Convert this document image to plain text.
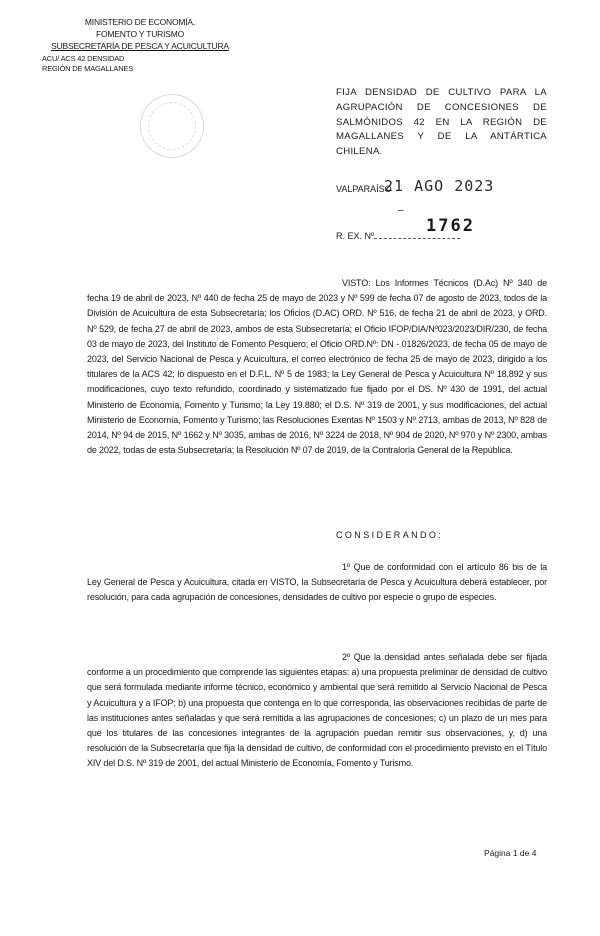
MINISTERIO DE ECONOMÍA,
FOMENTO Y TURISMO
SUBSECRETARÍA DE PESCA Y ACUICULTURA
ACU/ ACS 42 DENSIDAD
REGIÓN DE MAGALLANES
FIJA DENSIDAD DE CULTIVO PARA LA
AGRUPACIÓN DE CONCESIONES DE
SALMÓNIDOS 42 EN LA REGIÓN DE
MAGALLANES Y DE LA ANTÁRTICA CHILENA.
VALPARAÍSO
21 AGO 2023
–
R. EX. Nº	1762
VISTO: Los Informes Técnicos (D.Ac) Nº 340 de fecha 19 de abril de 2023, Nº 440 de fecha 25 de mayo de 2023 y Nº 599 de fecha 07 de agosto de 2023, todos de la División de Acuicultura de esta Subsecretaría; los Oficios (D.AC) ORD. Nº 516, de fecha 21 de abril de 2023, y ORD. Nº 529, de fecha 27 de abril de 2023, ambos de esta Subsecretaría; el Oficio IFOP/DIA/Nº023/2023/DIR/230, de fecha 03 de mayo de 2023, del Instituto de Fomento Pesquero; el Oficio ORD.Nº: DN - 01826/2023, de fecha 05 de mayo de 2023, del Servicio Nacional de Pesca y Acuicultura, el correo electrónico de fecha 25 de mayo de 2023, dirigido a los titulares de la ACS 42; lo dispuesto en el D.F.L. Nº 5 de 1983; la Ley General de Pesca y Acuicultura Nº 18.892 y sus modificaciones, cuyo texto refundido, coordinado y sistematizado fue fijado por el DS. Nº 430 de 1991, del actual Ministerio de Economía, Fomento y Turismo; la Ley 19.880; el D.S. Nº 319 de 2001, y sus modificaciones, del actual Ministerio de Economía, Fomento y Turismo; las Resoluciones Exentas Nº 1503 y Nº 2713, ambas de 2013, Nº 828 de 2014, Nº 94 de 2015, Nº 1662 y Nº 3035, ambas de 2016, Nº 3224 de 2018, Nº 904 de 2020, Nº 970 y Nº 2300, ambas de 2022, todas de esta Subsecretaría; la Resolución Nº 07 de 2019, de la Contraloría General de la República.
CONSIDERANDO:
1º Que de conformidad con el artículo 86 bis de la Ley General de Pesca y Acuicultura, citada en VISTO, la Subsecretaría de Pesca y Acuicultura deberá establecer, por resolución, para cada agrupación de concesiones, densidades de cultivo por especie o grupo de especies.
2º Que la densidad antes señalada debe ser fijada conforme a un procedimiento que comprende las siguientes etapas: a) una propuesta preliminar de densidad de cultivo que será formulada mediante informe técnico, económico y ambiental que será remitido al Servicio Nacional de Pesca y Acuicultura y a IFOP; b) una propuesta que contenga en lo que corresponda, las observaciones recibidas de parte de las instituciones antes señaladas y que será remitida a las agrupaciones de concesiones; c) un plazo de un mes para que los titulares de las concesiones integrantes de la agrupación puedan remitir sus observaciones, y, d) una resolución de la Subsecretaría que fija la densidad de cultivo, de conformidad con el procedimiento previsto en el Título XIV del D.S. Nº 319 de 2001, del actual Ministerio de Economía, Fomento y Turismo.
Página 1 de 4
